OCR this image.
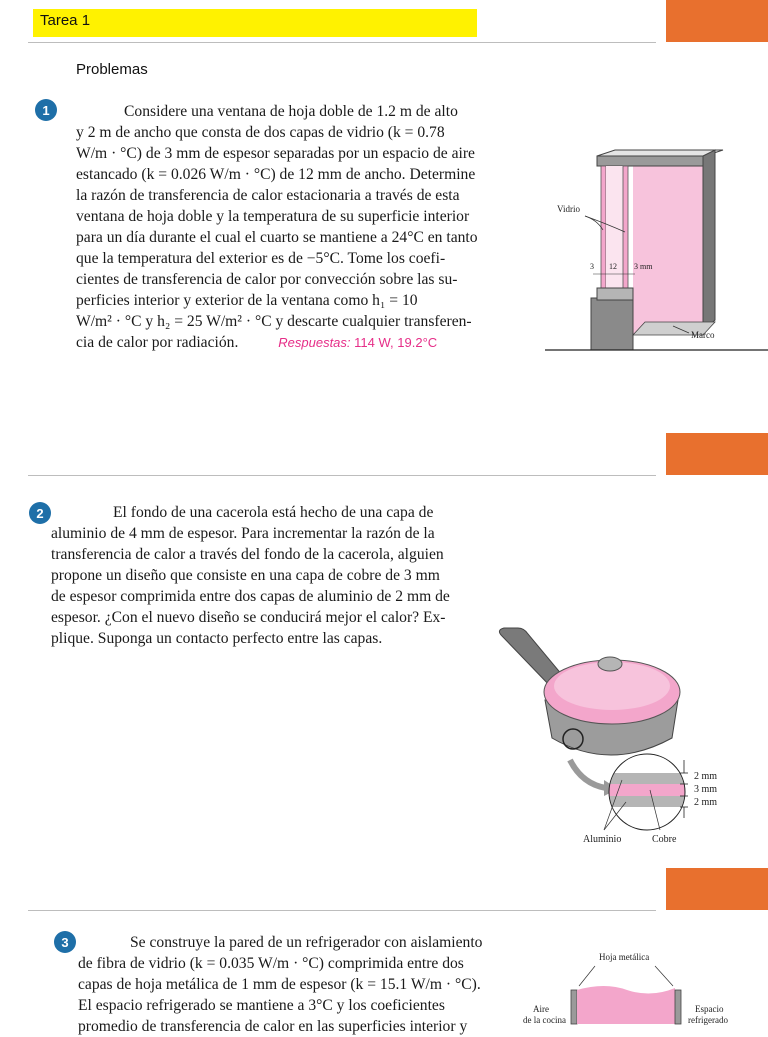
Tarea 1
Problemas
1	Considere una ventana de hoja doble de 1.2 m de alto
y 2 m de ancho que consta de dos capas de vidrio (k = 0.78
W/m · °C) de 3 mm de espesor separadas por un espacio de aire
estancado (k = 0.026 W/m · °C) de 12 mm de ancho. Determine
la razón de transferencia de calor estacionaria a través de esta
ventana de hoja doble y la temperatura de su superficie interior
para un día durante el cual el cuarto se mantiene a 24°C en tanto
que la temperatura del exterior es de −5°C. Tome los coefi-
cientes de transferencia de calor por convección sobre las su-
perficies interior y exterior de la ventana como h₁ = 10
W/m² · °C y h₂ = 25 W/m² · °C y descarte cualquier transferen-
cia de calor por radiación.	Respuestas: 114 W, 19.2°C
Vidrio
3 12 3 mm
Marco
2	El fondo de una cacerola está hecho de una capa de
aluminio de 4 mm de espesor. Para incrementar la razón de la
transferencia de calor a través del fondo de la cacerola, alguien
propone un diseño que consiste en una capa de cobre de 3 mm
de espesor comprimida entre dos capas de aluminio de 2 mm de
espesor. ¿Con el nuevo diseño se conducirá mejor el calor? Ex-
plique. Suponga un contacto perfecto entre las capas.
2 mm
3 mm
2 mm
Aluminio	Cobre
3	Se construye la pared de un refrigerador con aislamiento
de fibra de vidrio (k = 0.035 W/m · °C) comprimida entre dos
capas de hoja metálica de 1 mm de espesor (k = 15.1 W/m · °C).
El espacio refrigerado se mantiene a 3°C y los coeficientes
promedio de transferencia de calor en las superficies interior y
Hoja metálica
Aire
de la cocina
Espacio
refrigerado
